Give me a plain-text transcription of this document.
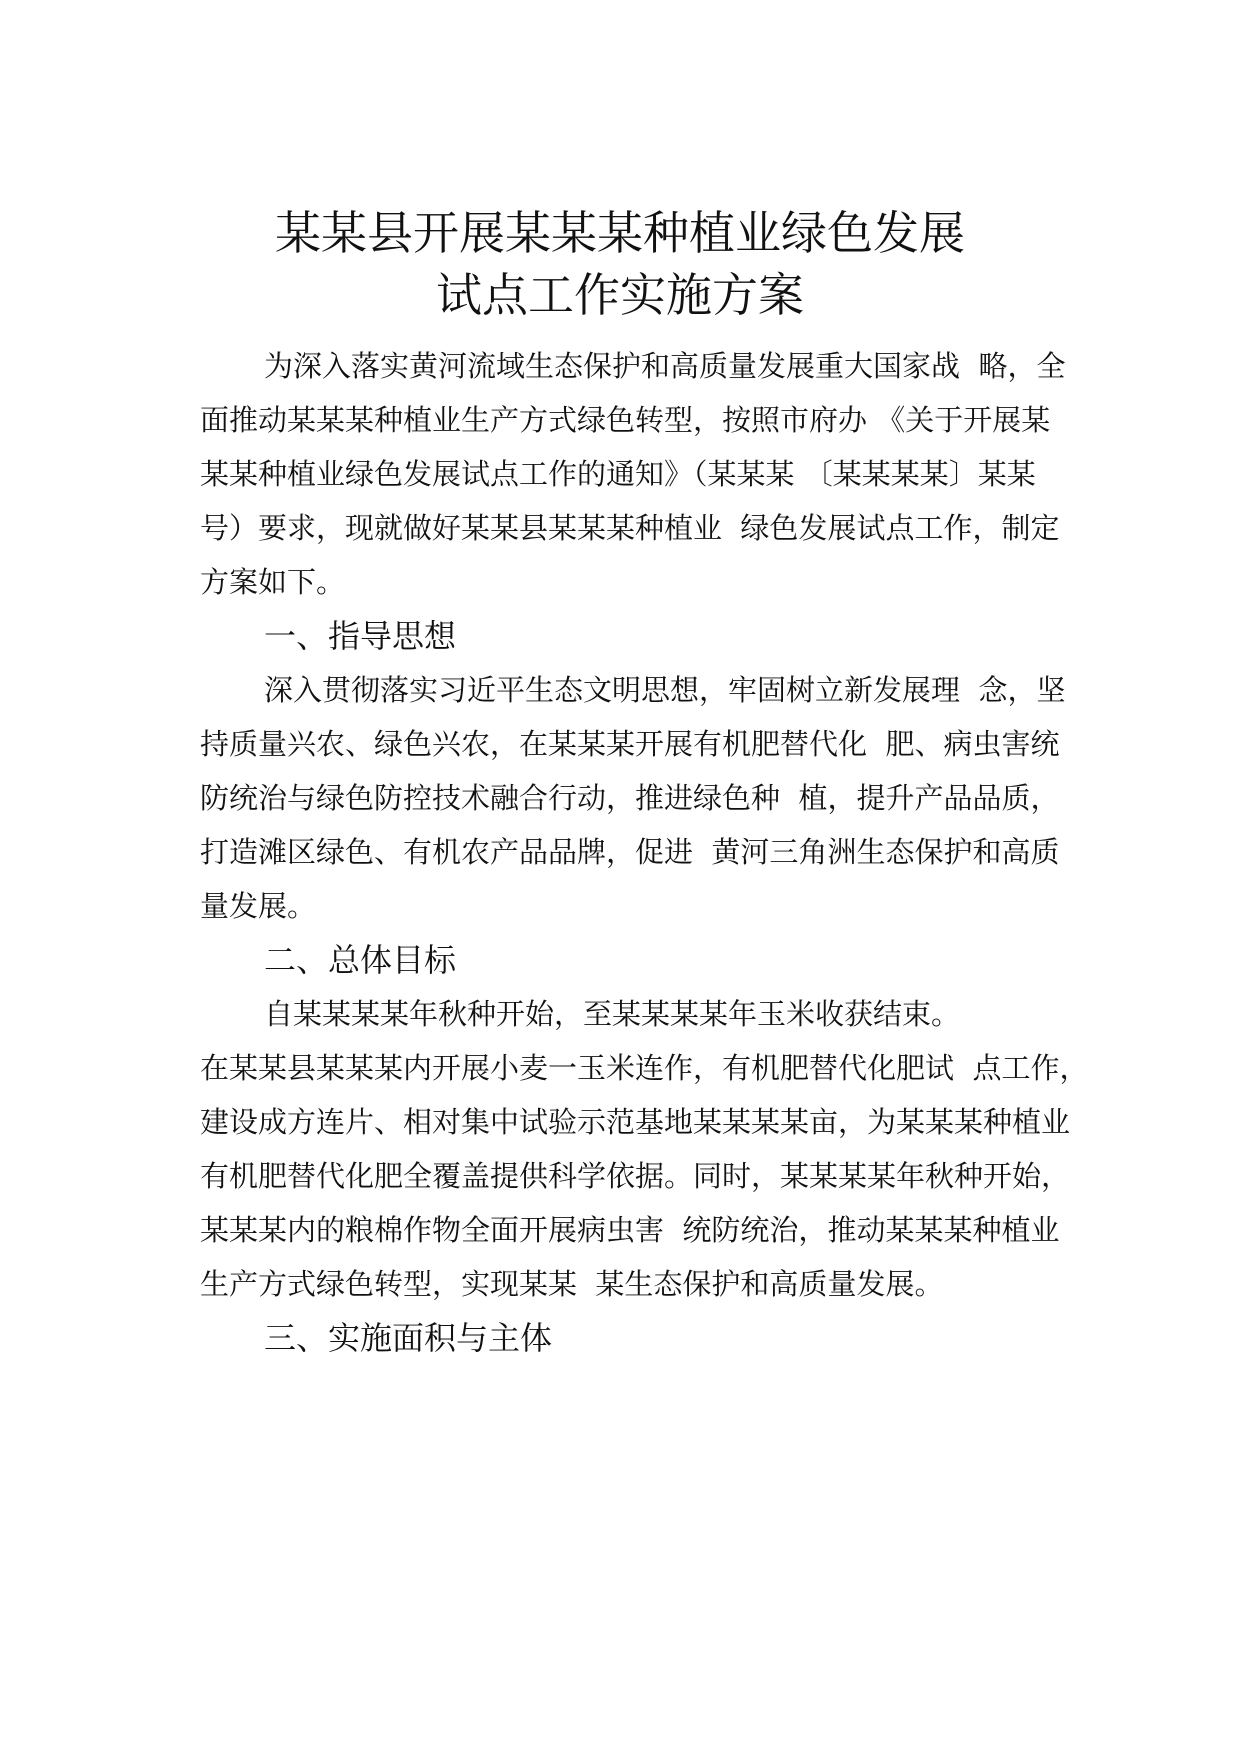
某某县开展某某某种植业绿色发展
试点工作实施方案
为深入落实黄河流域生态保护和高质量发展重大国家战  略，全
面推动某某某种植业生产方式绿色转型，按照市府办 《关于开展某
某某种植业绿色发展试点工作的通知》（某某某 〔某某某某〕某某
号）要求，现就做好某某县某某某种植业  绿色发展试点工作，制定
方案如下。
一、指导思想
深入贯彻落实习近平生态文明思想，牢固树立新发展理  念，坚
持质量兴农、绿色兴农，在某某某开展有机肥替代化  肥、病虫害统
防统治与绿色防控技术融合行动，推进绿色种  植，提升产品品质，
打造滩区绿色、有机农产品品牌，促进  黄河三角洲生态保护和高质
量发展。
二、总体目标
自某某某某年秋种开始，至某某某某年玉米收获结束。
在某某县某某某内开展小麦一玉米连作，有机肥替代化肥试  点工作，
建设成方连片、相对集中试验示范基地某某某某亩，为某某某种植业
有机肥替代化肥全覆盖提供科学依据。同时，某某某某年秋种开始，
某某某内的粮棉作物全面开展病虫害  统防统治，推动某某某种植业
生产方式绿色转型，实现某某  某生态保护和高质量发展。
三、实施面积与主体
